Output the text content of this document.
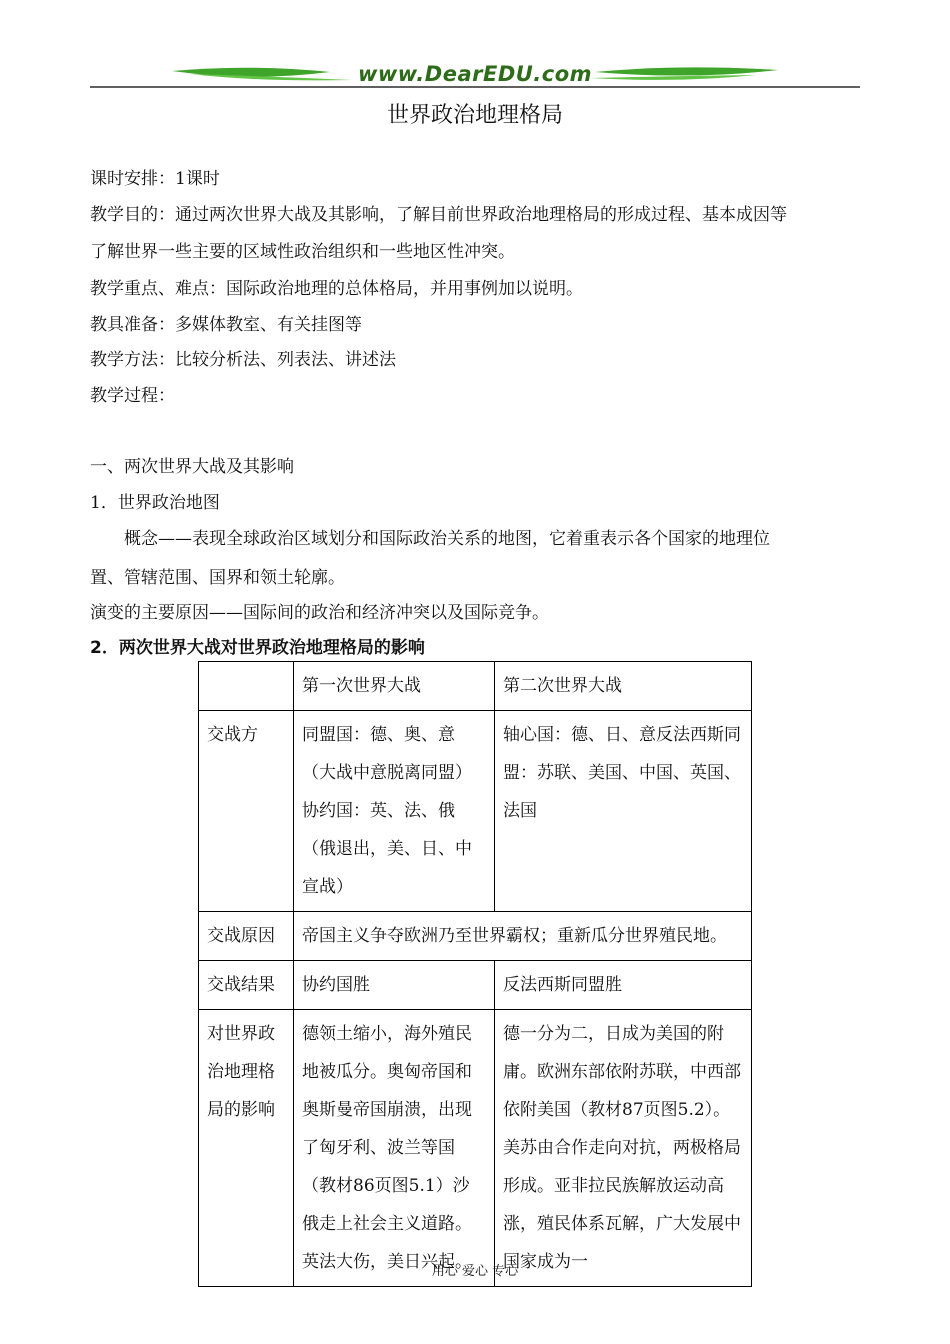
www.DearEDU.com
世界政治地理格局
课时安排：1课时
教学目的：通过两次世界大战及其影响，了解目前世界政治地理格局的形成过程、基本成因等
了解世界一些主要的区域性政治组织和一些地区性冲突。
教学重点、难点：国际政治地理的总体格局，并用事例加以说明。
教具准备：多媒体教室、有关挂图等
教学方法：比较分析法、列表法、讲述法
教学过程：
一、两次世界大战及其影响
1．世界政治地图
概念——表现全球政治区域划分和国际政治关系的地图，它着重表示各个国家的地理位
置、管辖范围、国界和领土轮廓。
演变的主要原因——国际间的政治和经济冲突以及国际竞争。
2．两次世界大战对世界政治地理格局的影响
	第一次世界大战	第二次世界大战
交战方	同盟国：德、奥、意（大战中意脱离同盟）协约国：英、法、俄（俄退出，美、日、中宣战）	轴心国：德、日、意反法西斯同盟：苏联、美国、中国、英国、法国
交战原因	帝国主义争夺欧洲乃至世界霸权；重新瓜分世界殖民地。	
交战结果	协约国胜	反法西斯同盟胜
对世界政治地理格局的影响	德领土缩小，海外殖民地被瓜分。奥匈帝国和奥斯曼帝国崩溃，出现了匈牙利、波兰等国（教材86页图5.1）沙俄走上社会主义道路。英法大伤，美日兴起。	德一分为二，日成为美国的附庸。欧洲东部依附苏联，中西部依附美国（教材87页图5.2）。美苏由合作走向对抗，两极格局形成。亚非拉民族解放运动高涨，殖民体系瓦解，广大发展中国家成为一
用心 爱心 专心
